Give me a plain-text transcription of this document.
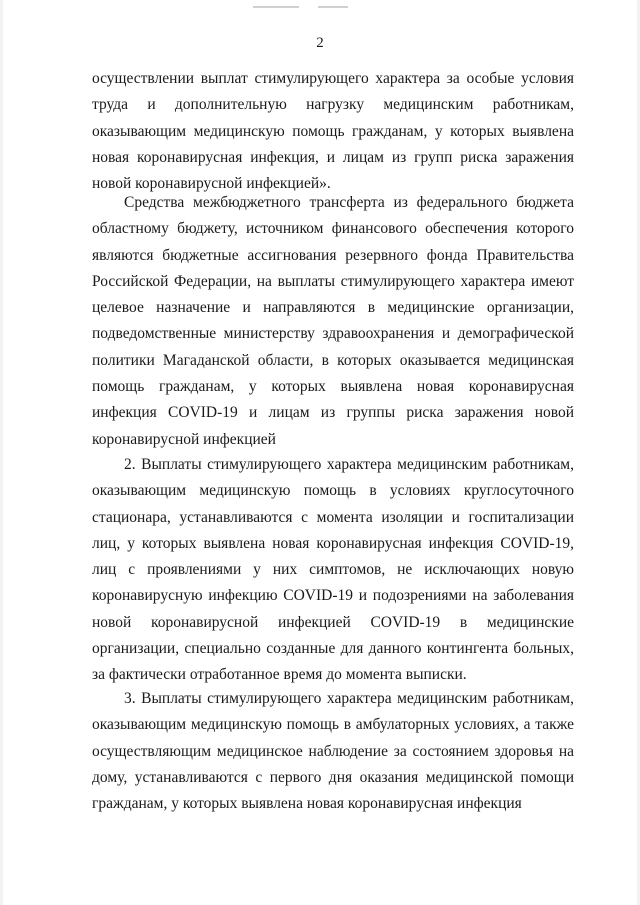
2

осуществлении выплат стимулирующего характера за особые условия труда и дополнительную нагрузку медицинским работникам, оказывающим медицинскую помощь гражданам, у которых выявлена новая коронавирусная инфекция, и лицам из групп риска заражения новой коронавирусной инфекцией».

Средства межбюджетного трансферта из федерального бюджета областному бюджету, источником финансового обеспечения которого являются бюджетные ассигнования резервного фонда Правительства Российской Федерации, на выплаты стимулирующего характера имеют целевое назначение и направляются в медицинские организации, подведомственные министерству здравоохранения и демографической политики Магаданской области, в которых оказывается медицинская помощь гражданам, у которых выявлена новая коронавирусная инфекция COVID-19 и лицам из группы риска заражения новой коронавирусной инфекцией

2. Выплаты стимулирующего характера медицинским работникам, оказывающим медицинскую помощь в условиях круглосуточного стационара, устанавливаются с момента изоляции и госпитализации лиц, у которых выявлена новая коронавирусная инфекция COVID-19, лиц с проявлениями у них симптомов, не исключающих новую коронавирусную инфекцию COVID-19 и подозрениями на заболевания новой коронавирусной инфекцией COVID-19 в медицинские организации, специально созданные для данного контингента больных, за фактически отработанное время до момента выписки.

3. Выплаты стимулирующего характера медицинским работникам, оказывающим медицинскую помощь в амбулаторных условиях, а также осуществляющим медицинское наблюдение за состоянием здоровья на дому, устанавливаются с первого дня оказания медицинской помощи гражданам, у которых выявлена новая коронавирусная инфекция
